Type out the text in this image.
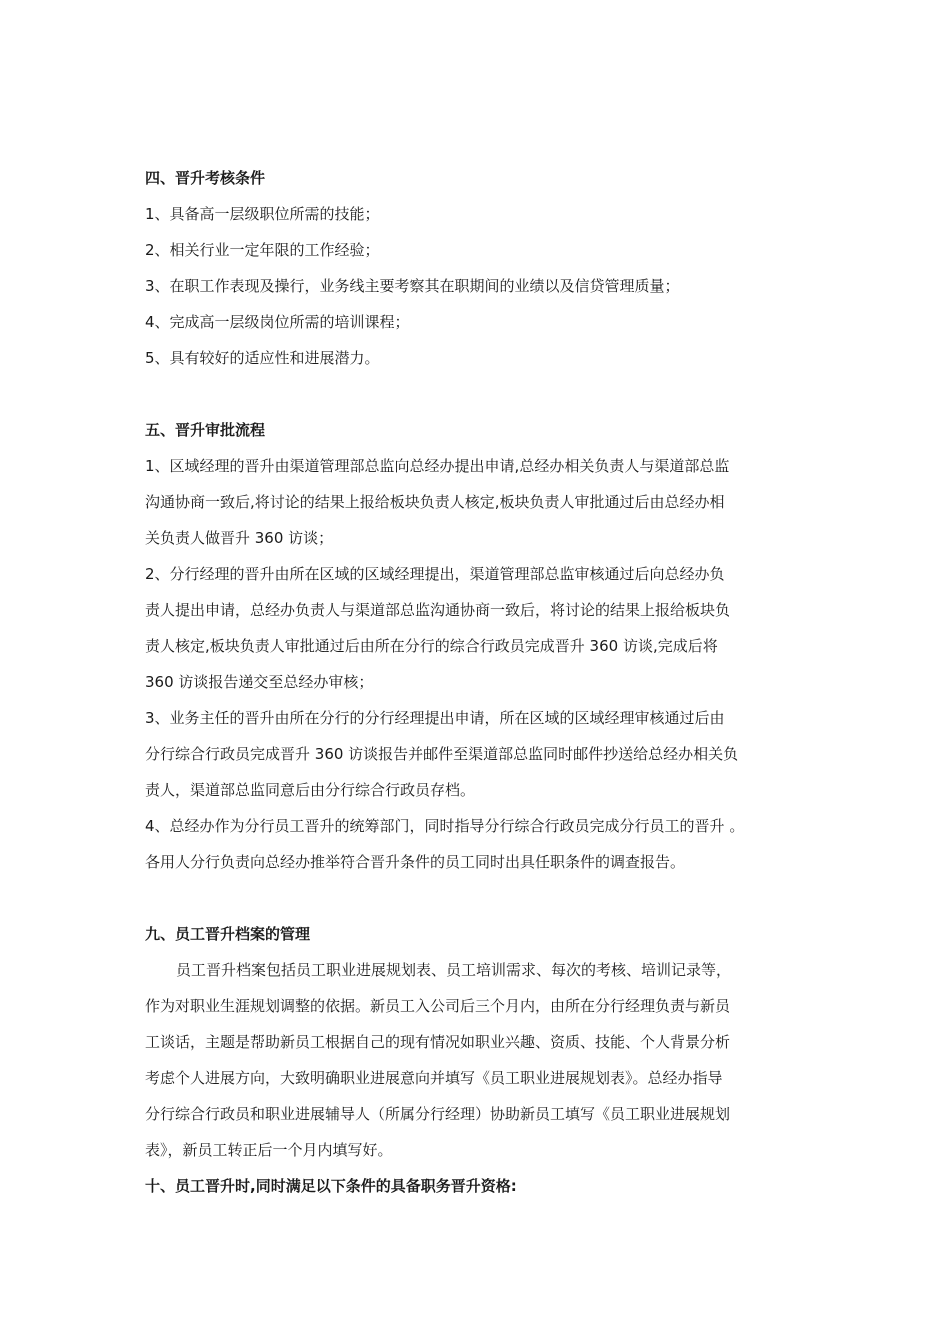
四、晋升考核条件
1、具备高一层级职位所需的技能；
2、相关行业一定年限的工作经验；
3、在职工作表现及操行，业务线主要考察其在职期间的业绩以及信贷管理质量；
4、完成高一层级岗位所需的培训课程；
5、具有较好的适应性和进展潜力。
五、晋升审批流程
1、区域经理的晋升由渠道管理部总监向总经办提出申请,总经办相关负责人与渠道部总监
沟通协商一致后,将讨论的结果上报给板块负责人核定,板块负责人审批通过后由总经办相
关负责人做晋升 360 访谈；
2、分行经理的晋升由所在区域的区域经理提出，渠道管理部总监审核通过后向总经办负
责人提出申请，总经办负责人与渠道部总监沟通协商一致后，将讨论的结果上报给板块负
责人核定,板块负责人审批通过后由所在分行的综合行政员完成晋升 360 访谈,完成后将
360 访谈报告递交至总经办审核；
3、业务主任的晋升由所在分行的分行经理提出申请，所在区域的区域经理审核通过后由
分行综合行政员完成晋升 360 访谈报告并邮件至渠道部总监同时邮件抄送给总经办相关负
责人，渠道部总监同意后由分行综合行政员存档。
4、总经办作为分行员工晋升的统筹部门，同时指导分行综合行政员完成分行员工的晋升 。
各用人分行负责向总经办推举符合晋升条件的员工同时出具任职条件的调查报告。
九、员工晋升档案的管理
员工晋升档案包括员工职业进展规划表、员工培训需求、每次的考核、培训记录等，
作为对职业生涯规划调整的依据。新员工入公司后三个月内，由所在分行经理负责与新员
工谈话，主题是帮助新员工根据自己的现有情况如职业兴趣、资质、技能、个人背景分析
考虑个人进展方向，大致明确职业进展意向并填写《员工职业进展规划表》。总经办指导
分行综合行政员和职业进展辅导人（所属分行经理）协助新员工填写《员工职业进展规划
表》，新员工转正后一个月内填写好。
十、员工晋升时,同时满足以下条件的具备职务晋升资格:
